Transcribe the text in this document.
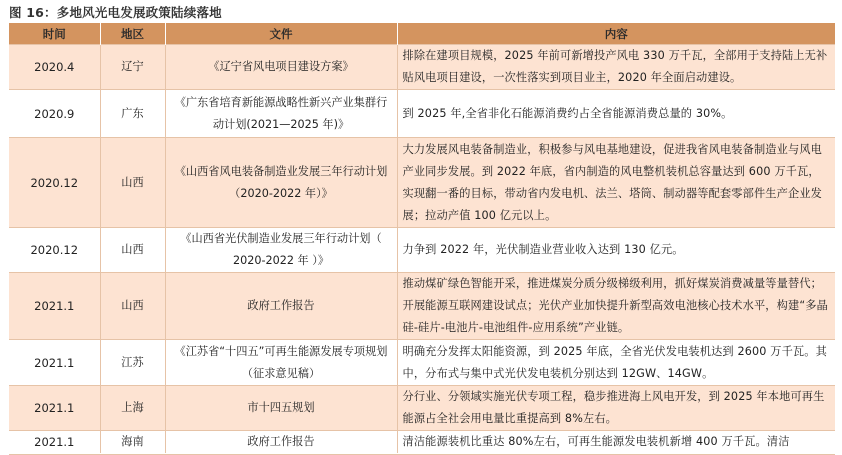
图 16：多地风光电发展政策陆续落地
时间	地区	文件	内容
2020.4	辽宁	《辽宁省风电项目建设方案》	排除在建项目规模，2025 年前可新增投产风电 330 万千瓦，全部用于支持陆上无补贴风电项目建设，一次性落实到项目业主，2020 年全面启动建设。
2020.9	广东	《广东省培育新能源战略性新兴产业集群行动计划(2021—2025 年)》	到 2025 年,全省非化石能源消费约占全省能源消费总量的 30%。
2020.12	山西	《山西省风电装备制造业发展三年行动计划（2020-2022 年）》	大力发展风电装备制造业，积极参与风电基地建设，促进我省风电装备制造业与风电产业同步发展。到 2022 年底，省内制造的风电整机装机总容量达到 600 万千瓦，实现翻一番的目标，带动省内发电机、法兰、塔筒、制动器等配套零部件生产企业发展；拉动产值 100 亿元以上。
2020.12	山西	《山西省光伏制造业发展三年行动计划（ 2020-2022 年 ）》	力争到 2022 年，光伏制造业营业收入达到 130 亿元。
2021.1	山西	政府工作报告	推动煤矿绿色智能开采，推进煤炭分质分级梯级利用，抓好煤炭消费减量等量替代；开展能源互联网建设试点；光伏产业加快提升新型高效电池核心技术水平，构建“多晶硅-硅片-电池片-电池组件-应用系统”产业链。
2021.1	江苏	《江苏省“十四五”可再生能源发展专项规划（征求意见稿）	明确充分发挥太阳能资源，到 2025 年底，全省光伏发电装机达到 2600 万千瓦。其中，分布式与集中式光伏发电装机分别达到 12GW、14GW。
2021.1	上海	市十四五规划	分行业、分领域实施光伏专项工程，稳步推进海上风电开发，到 2025 年本地可再生能源占全社会用电量比重提高到 8%左右。
2021.1	海南	政府工作报告	清洁能源装机比重达 80%左右，可再生能源发电装机新增 400 万千瓦。清洁
